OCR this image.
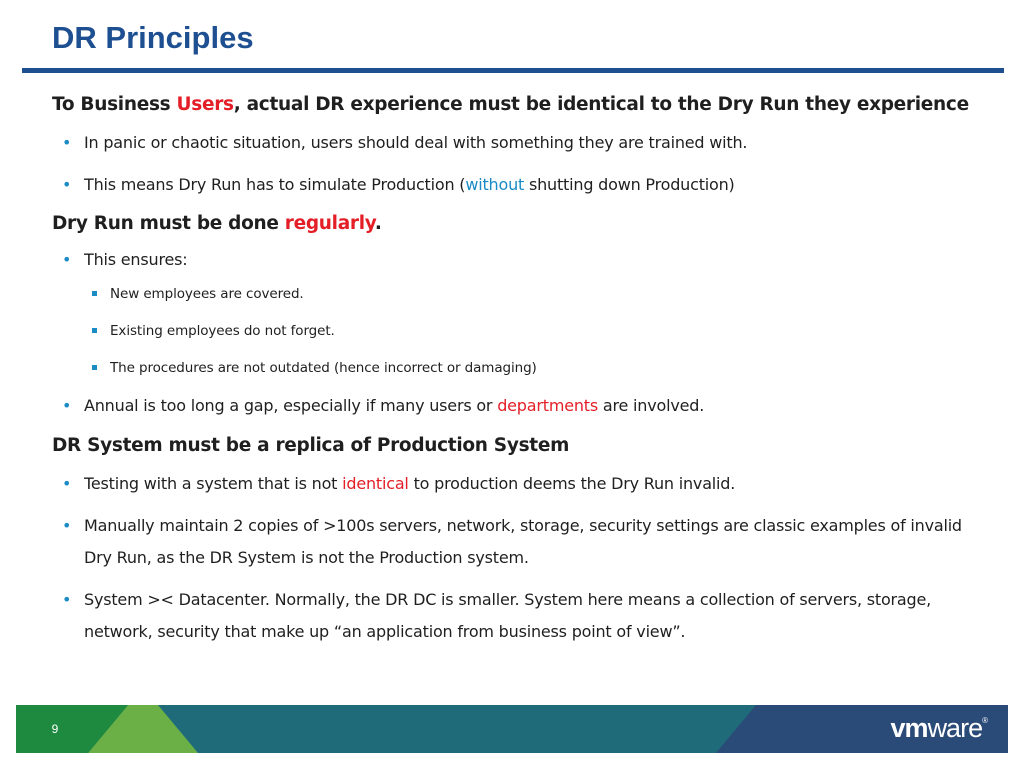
DR Principles

To Business Users, actual DR experience must be identical to the Dry Run they experience

• In panic or chaotic situation, users should deal with something they are trained with.
• This means Dry Run has to simulate Production (without shutting down Production)

Dry Run must be done regularly.

• This ensures:
New employees are covered.
Existing employees do not forget.
The procedures are not outdated (hence incorrect or damaging)
• Annual is too long a gap, especially if many users or departments are involved.

DR System must be a replica of Production System

• Testing with a system that is not identical to production deems the Dry Run invalid.
• Manually maintain 2 copies of >100s servers, network, storage, security settings are classic examples of invalid Dry Run, as the DR System is not the Production system.
• System >< Datacenter. Normally, the DR DC is smaller. System here means a collection of servers, storage, network, security that make up “an application from business point of view”.
9	vmware®
